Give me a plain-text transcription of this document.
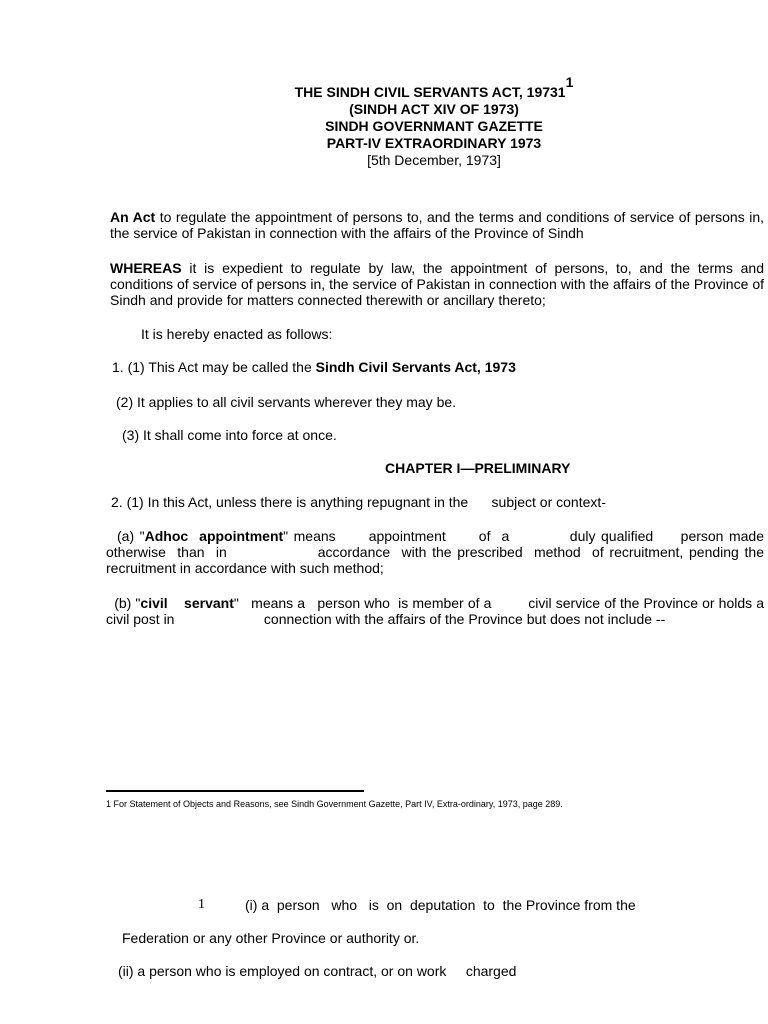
THE SINDH CIVIL SERVANTS ACT, 19731$^1$
(SINDH ACT XIV OF 1973)
SINDH GOVERNMANT GAZETTE
PART-IV EXTRAORDINARY 1973
[5th December, 1973]
An Act to regulate the appointment of persons to, and the terms and conditions of service of persons in, the service of Pakistan in connection with the affairs of the Province of Sindh
WHEREAS it is expedient to regulate by law, the appointment of persons, to, and the terms and conditions of service of persons in, the service of Pakistan in connection with the affairs of the Province of Sindh and provide for matters connected therewith or ancillary thereto;
It is hereby enacted as follows:
1. (1) This Act may be called the Sindh Civil Servants Act, 1973
(2) It applies to all civil servants wherever they may be.
(3) It shall come into force at once.
CHAPTER I—PRELIMINARY
2. (1) In this Act, unless there is anything repugnant in the      subject or context-
(a) "Adhoc  appointment" means      appointment      of  a           duly qualified     person made otherwise  than  in                accordance  with the prescribed  method  of recruitment, pending the recruitment in accordance with such method;
(b) "civil    servant"   means a   person who  is member of a         civil service of the Province or holds a civil post in                       connection with the affairs of the Province but does not include --
1 For Statement of Objects and Reasons, see Sindh Government Gazette, Part IV, Extra-ordinary, 1973, page 289.
1	(i) a  person   who   is  on  deputation  to  the Province from the
Federation or any other Province or authority or.
(ii) a person who is employed on contract, or on work     charged
